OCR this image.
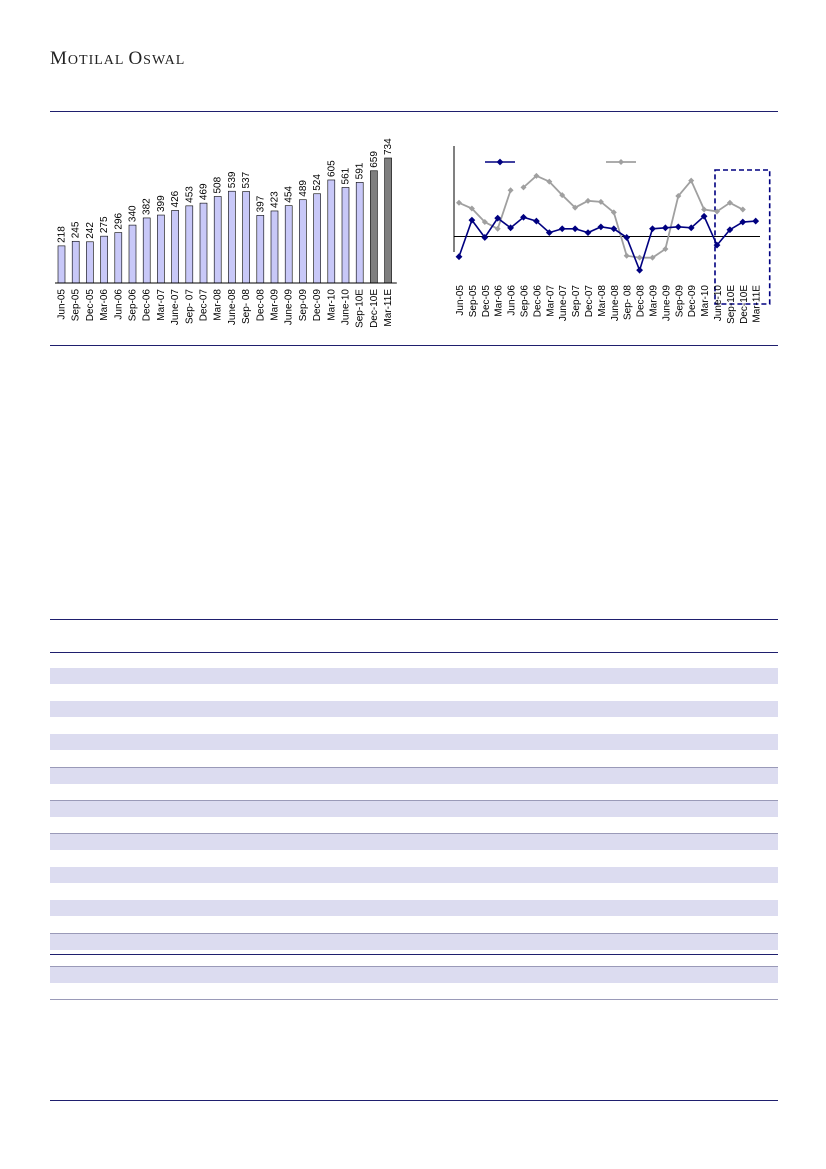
MOTILAL OSWAL
218
Jun-05
245
Sep-05
242
Dec-05
275
Mar-06
296
Jun-06
340
Sep-06
382
Dec-06
399
Mar-07
426
June-07
453
Sep- 07
469
Dec-07
508
Mar-08
539
June-08
537
Sep- 08
397
Dec-08
423
Mar-09
454
June-09
489
Sep-09
524
Dec-09
605
Mar-10
561
June-10
591
Sep-10E
659
Dec-10E
734
Mar-11E	Jun-05 Sep-05 Dec-05 Mar-06 Jun-06 Sep-06 Dec-06 Mar-07 June-07 Sep-07 Dec-07 Mar-08 June-08 Sep- 08 Dec-08 Mar-09 June-09 Sep-09 Dec-09 Mar-10 June-10 Sep-10E Dec-10E Mar-11E
